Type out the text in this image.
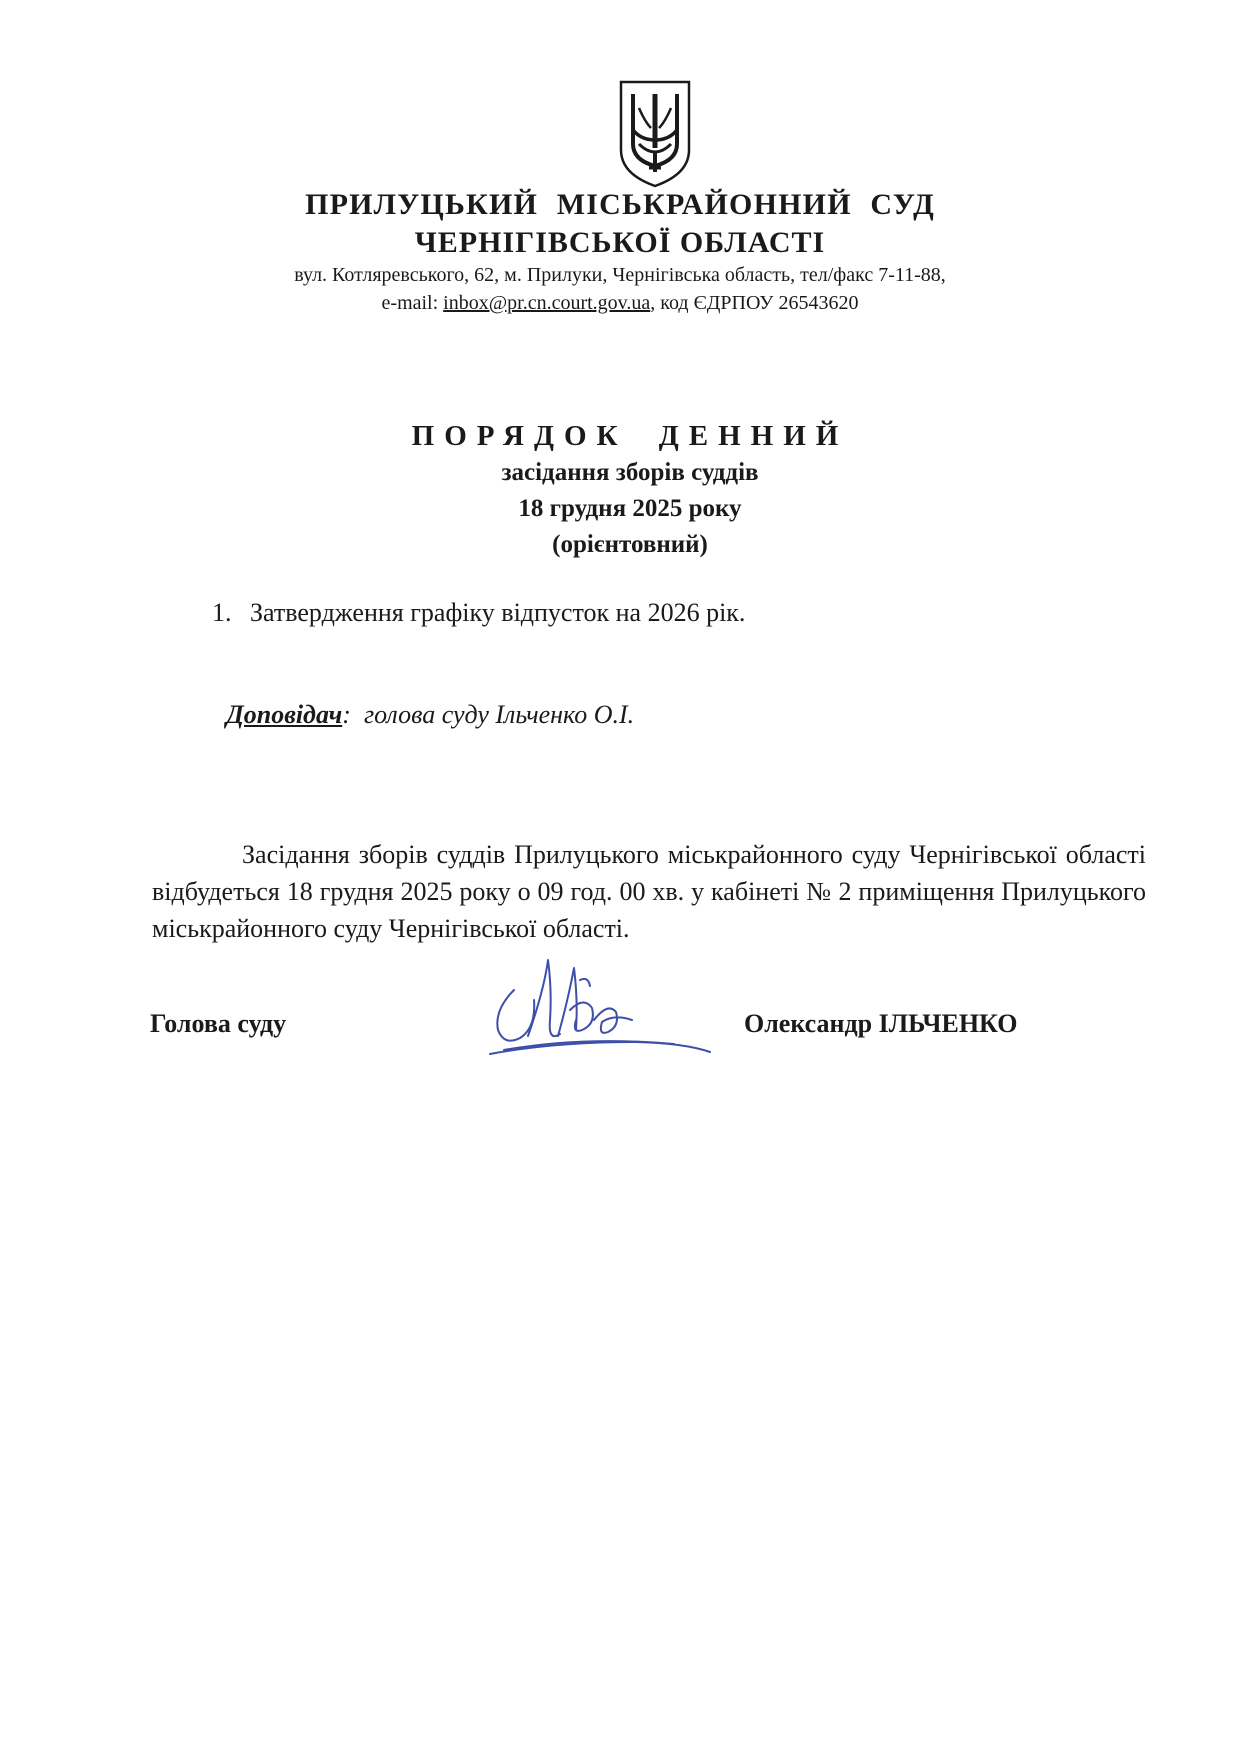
ПРИЛУЦЬКИЙ МІСЬКРАЙОННИЙ СУД
ЧЕРНІГІВСЬКОЇ ОБЛАСТІ
вул. Котляревського, 62, м. Прилуки, Чернігівська область, тел/факс 7-11-88,
e-mail: inbox@pr.cn.court.gov.ua, код ЄДРПОУ 26543620
ПОРЯДОК ДЕННИЙ
засідання зборів суддів
18 грудня 2025 року
(орієнтовний)
1. Затвердження графіку відпусток на 2026 рік.
Доповідач: голова суду Ільченко О.І.
Засідання зборів суддів Прилуцького міськрайонного суду Чернігівської області відбудеться 18 грудня 2025 року о 09 год. 00 хв. у кабінеті № 2 приміщення Прилуцького міськрайонного суду Чернігівської області.
Голова суду	Олександр ІЛЬЧЕНКО
